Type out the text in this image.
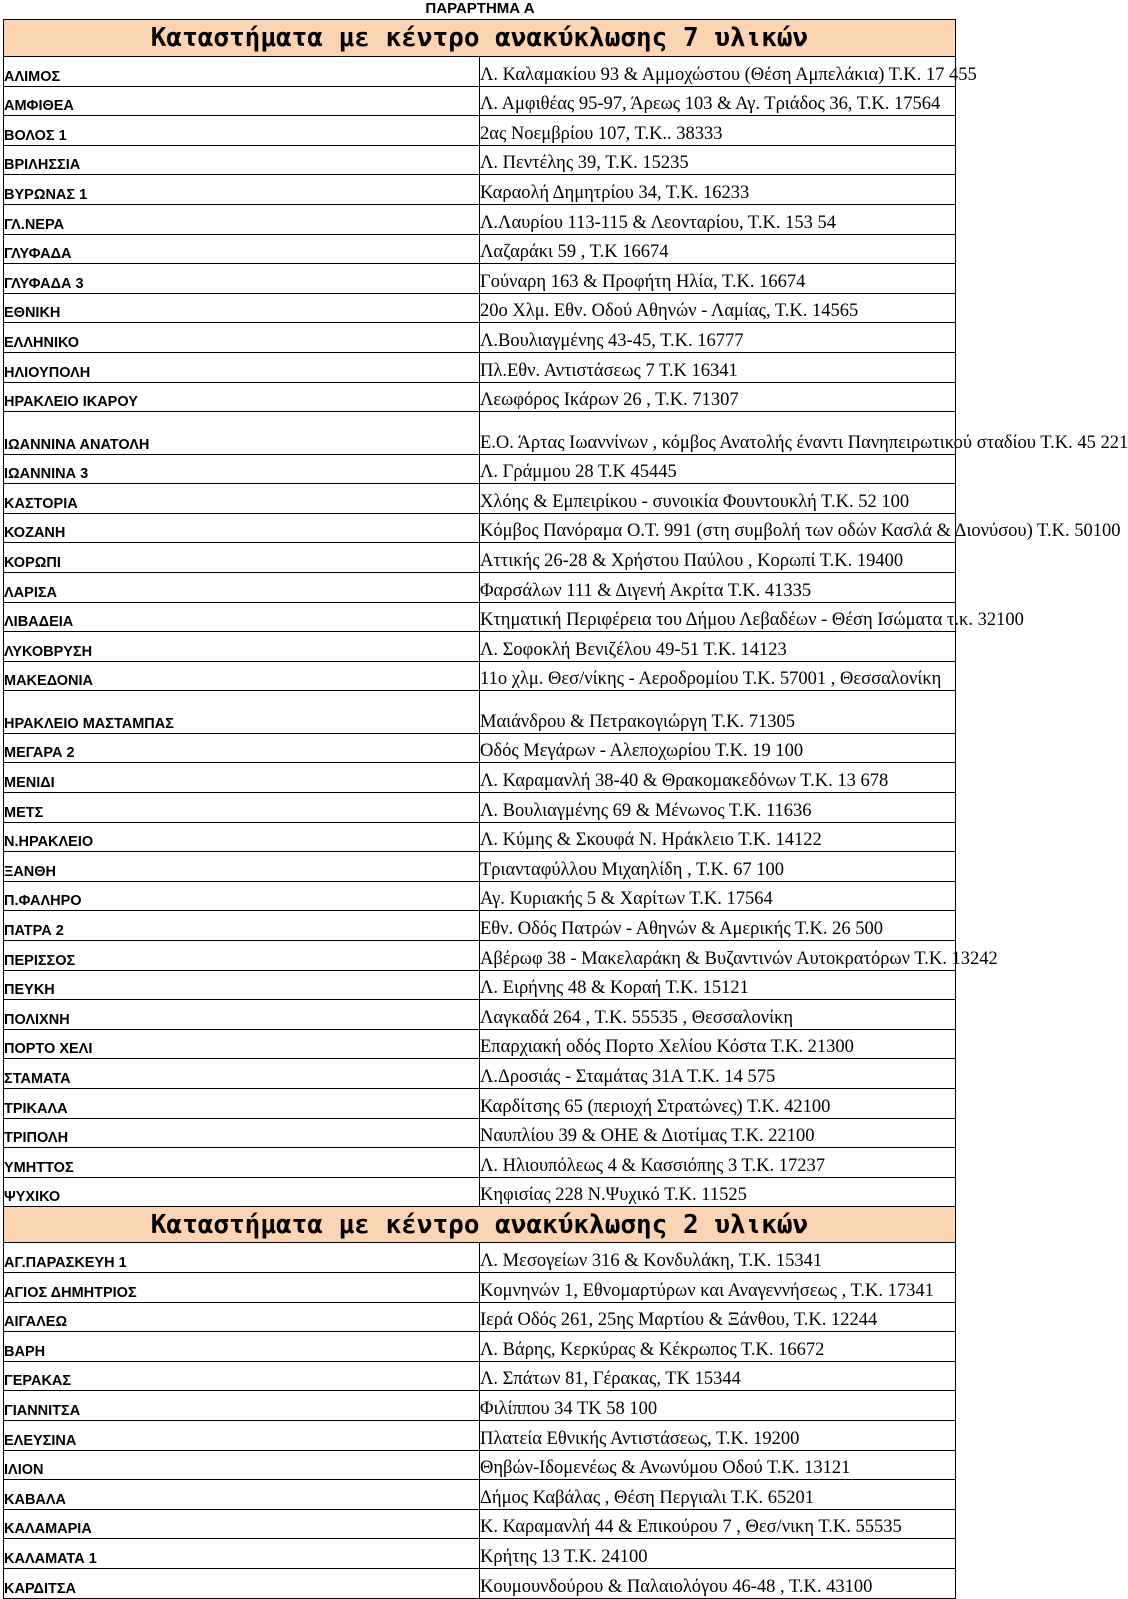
ΠΑΡΑΡΤΗΜΑ Α
Καταστήματα με κέντρο ανακύκλωσης 7 υλικών	
ΑΛΙΜΟΣ	Λ. Καλαμακίου 93 & Αμμοχώστου (Θέση Αμπελάκια) Τ.Κ. 17 455
ΑΜΦΙΘΕΑ	Λ. Αμφιθέας 95-97, Άρεως 103 & Αγ. Τριάδος 36, Τ.Κ. 17564
ΒΟΛΟΣ 1	2ας Νοεμβρίου 107, Τ.Κ.. 38333
ΒΡΙΛΗΣΣΙΑ	Λ. Πεντέλης 39, Τ.Κ. 15235
ΒΥΡΩΝΑΣ 1	Καραολή Δημητρίου 34, Τ.Κ. 16233
ΓΛ.ΝΕΡΑ	Λ.Λαυρίου 113-115 & Λεονταρίου, Τ.Κ. 153 54
ΓΛΥΦΑΔΑ	Λαζαράκι 59 , Τ.Κ 16674
ΓΛΥΦΑΔΑ 3	Γούναρη 163 & Προφήτη Ηλία, Τ.Κ. 16674
ΕΘΝΙΚΗ	20ο Χλμ. Εθν. Οδού Αθηνών - Λαμίας, Τ.Κ. 14565
ΕΛΛΗΝΙΚΟ	Λ.Βουλιαγμένης 43-45, Τ.Κ. 16777
ΗΛΙΟΥΠΟΛΗ	Πλ.Εθν. Αντιστάσεως 7 Τ.Κ 16341
ΗΡΑΚΛΕΙΟ ΙΚΑΡΟΥ	Λεωφόρος Ικάρων 26 , Τ.Κ. 71307
ΙΩΑΝΝΙΝΑ ΑΝΑΤΟΛΗ	Ε.Ο. Άρτας Ιωαννίνων , κόμβος Ανατολής έναντι Πανηπειρωτικού σταδίου Τ.Κ. 45 221
ΙΩΑΝΝΙΝΑ 3	Λ. Γράμμου 28 Τ.Κ 45445
ΚΑΣΤΟΡΙΑ	Χλόης & Εμπειρίκου - συνοικία Φουντουκλή Τ.Κ. 52 100
ΚΟΖΑΝΗ	Κόμβος Πανόραμα Ο.Τ. 991 (στη συμβολή των οδών Κασλά & Διονύσου) Τ.Κ. 50100
ΚΟΡΩΠΙ	Αττικής 26-28 & Χρήστου Παύλου , Κορωπί Τ.Κ. 19400
ΛΑΡΙΣΑ	Φαρσάλων 111 & Διγενή Ακρίτα Τ.Κ. 41335
ΛΙΒΑΔΕΙΑ	Κτηματική Περιφέρεια του Δήμου Λεβαδέων - Θέση Ισώματα τ.κ. 32100
ΛΥΚΟΒΡΥΣΗ	Λ. Σοφοκλή Βενιζέλου 49-51 Τ.Κ. 14123
ΜΑΚΕΔΟΝΙΑ	11ο χλμ. Θεσ/νίκης - Αεροδρομίου Τ.Κ. 57001 , Θεσσαλονίκη
ΗΡΑΚΛΕΙΟ ΜΑΣΤΑΜΠΑΣ	Μαιάνδρου & Πετρακογιώργη Τ.Κ. 71305
ΜΕΓΑΡΑ 2	Οδός Μεγάρων - Αλεποχωρίου Τ.Κ. 19 100
ΜΕΝΙΔΙ	Λ. Καραμανλή 38-40 & Θρακομακεδόνων Τ.Κ. 13 678
ΜΕΤΣ	Λ. Βουλιαγμένης 69 & Μένωνος Τ.Κ. 11636
Ν.ΗΡΑΚΛΕΙΟ	Λ. Κύμης & Σκουφά Ν. Ηράκλειο Τ.Κ. 14122
ΞΑΝΘΗ	Τριανταφύλλου Μιχαηλίδη , Τ.Κ. 67 100
Π.ΦΑΛΗΡΟ	Αγ. Κυριακής 5 & Χαρίτων Τ.Κ. 17564
ΠΑΤΡΑ 2	Εθν. Οδός Πατρών - Αθηνών & Αμερικής Τ.Κ. 26 500
ΠΕΡΙΣΣΟΣ	Αβέρωφ 38 - Μακελαράκη & Βυζαντινών Αυτοκρατόρων Τ.Κ. 13242
ΠΕΥΚΗ	Λ. Ειρήνης 48 & Κοραή Τ.Κ. 15121
ΠΟΛΙΧΝΗ	Λαγκαδά 264 , Τ.Κ. 55535 , Θεσσαλονίκη
ΠΟΡΤΟ ΧΕΛΙ	Επαρχιακή οδός Πορτο Χελίου Κόστα Τ.Κ. 21300
ΣΤΑΜΑΤΑ	Λ.Δροσιάς - Σταμάτας 31Α Τ.Κ. 14 575
ΤΡΙΚΑΛΑ	Καρδίτσης 65 (περιοχή Στρατώνες) Τ.Κ. 42100
ΤΡΙΠΟΛΗ	Ναυπλίου 39 & ΟΗΕ & Διοτίμας Τ.Κ. 22100
ΥΜΗΤΤΟΣ	Λ. Ηλιουπόλεως 4 & Κασσιόπης 3 Τ.Κ. 17237
ΨΥΧΙΚΟ	Κηφισίας 228 Ν.Ψυχικό Τ.Κ. 11525
Καταστήματα με κέντρο ανακύκλωσης 2 υλικών	
ΑΓ.ΠΑΡΑΣΚΕΥΗ 1	Λ. Μεσογείων 316 & Κονδυλάκη, Τ.Κ. 15341
ΑΓΙΟΣ ΔΗΜΗΤΡΙΟΣ	Κομνηνών 1, Εθνομαρτύρων και Αναγεννήσεως , Τ.Κ. 17341
ΑΙΓΑΛΕΩ	Ιερά Οδός 261, 25ης Μαρτίου & Ξάνθου, Τ.Κ. 12244
ΒΑΡΗ	Λ. Βάρης, Κερκύρας & Κέκρωπος Τ.Κ. 16672
ΓΕΡΑΚΑΣ	Λ. Σπάτων 81, Γέρακας, ΤΚ 15344
ΓΙΑΝΝΙΤΣΑ	Φιλίππου 34 ΤΚ 58 100
ΕΛΕΥΣΙΝΑ	Πλατεία Εθνικής Αντιστάσεως, Τ.Κ. 19200
ΙΛΙΟΝ	Θηβών-Ιδομενέως & Ανωνύμου Οδού Τ.Κ. 13121
ΚΑΒΑΛΑ	Δήμος Καβάλας , Θέση Περγιαλι Τ.Κ. 65201
ΚΑΛΑΜΑΡΙΑ	Κ. Καραμανλή 44 & Επικούρου 7 , Θεσ/νικη Τ.Κ. 55535
ΚΑΛΑΜΑΤΑ 1	Κρήτης 13 Τ.Κ. 24100
ΚΑΡΔΙΤΣΑ	Κουμουνδούρου & Παλαιολόγου 46-48 , Τ.Κ. 43100
